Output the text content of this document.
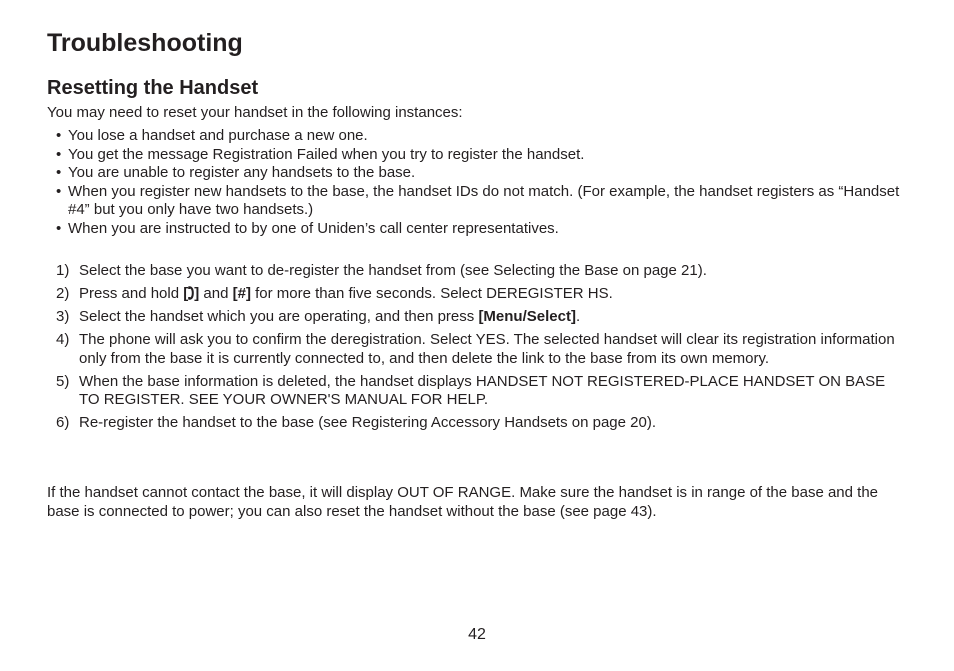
Troubleshooting
Resetting the Handset

You may need to reset your handset in the following instances:

• You lose a handset and purchase a new one.
• You get the message Registration Failed when you try to register the handset.
• You are unable to register any handsets to the base.
• When you register new handsets to the base, the handset IDs do not match. (For example, the handset registers as “Handset #4” but you only have two handsets.)
• When you are instructed to by one of Uniden’s call center representatives.
1) Select the base you want to de-register the handset from (see Selecting the Base on page 21).
2) Press and hold [ ] and [#] for more than five seconds. Select DEREGISTER HS.
3) Select the handset which you are operating, and then press [Menu/Select].
4) The phone will ask you to confirm the deregistration. Select YES. The selected handset will clear its registration information only from the base it is currently connected to, and then delete the link to the base from its own memory.
5) When the base information is deleted, the handset displays HANDSET NOT REGISTERED-PLACE HANDSET ON BASE TO REGISTER. SEE YOUR OWNER'S MANUAL FOR HELP.
6) Re-register the handset to the base (see Registering Accessory Handsets on page 20).

If the handset cannot contact the base, it will display OUT OF RANGE. Make sure the handset is in range of the base and the base is connected to power; you can also reset the handset without the base (see page 43).

42
